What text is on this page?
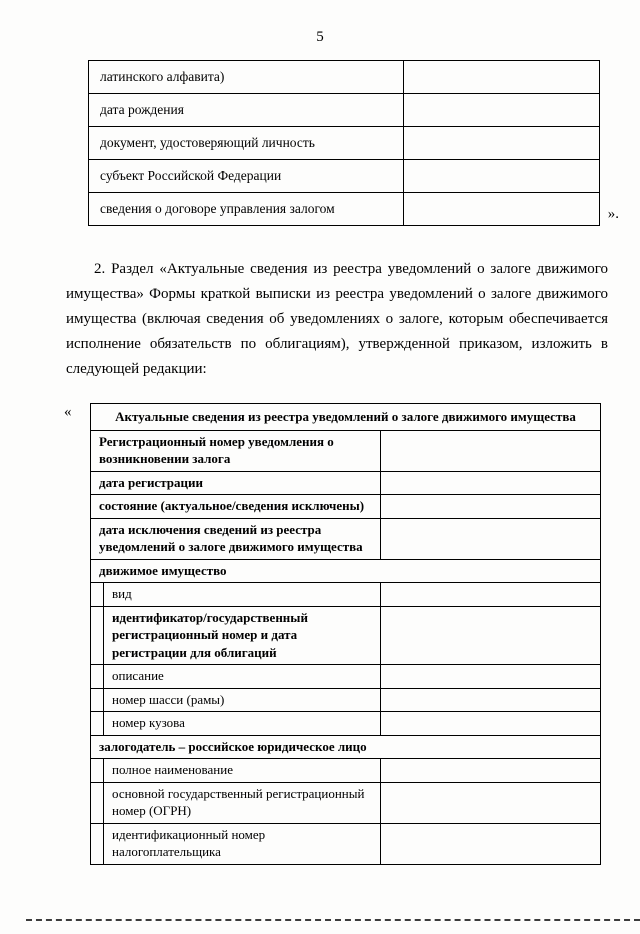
5
латинского алфавита)	
дата рождения	
документ, удостоверяющий личность	
субъект Российской Федерации	
сведения о договоре управления залогом		».

2. Раздел «Актуальные сведения из реестра уведомлений о залоге движимого имущества» Формы краткой выписки из реестра уведомлений о залоге движимого имущества (включая сведения об уведомлениях о залоге, которым обеспечивается исполнение обязательств по облигациям), утвержденной приказом, изложить в следующей редакции:

«	Актуальные сведения из реестра уведомлений о залоге движимого имущества		
Регистрационный номер уведомления о возникновении залога		
дата регистрации		
состояние (актуальное/сведения исключены)		
дата исключения сведений из реестра уведомлений о залоге движимого имущества		
движимое имущество		
	вид	
	идентификатор/государственный регистрационный номер и дата регистрации для облигаций	
	описание	
	номер шасси (рамы)	
	номер кузова	
залогодатель – российское юридическое лицо		
	полное наименование	
	основной государственный регистрационный номер (ОГРН)	
	идентификационный номер налогоплательщика	
